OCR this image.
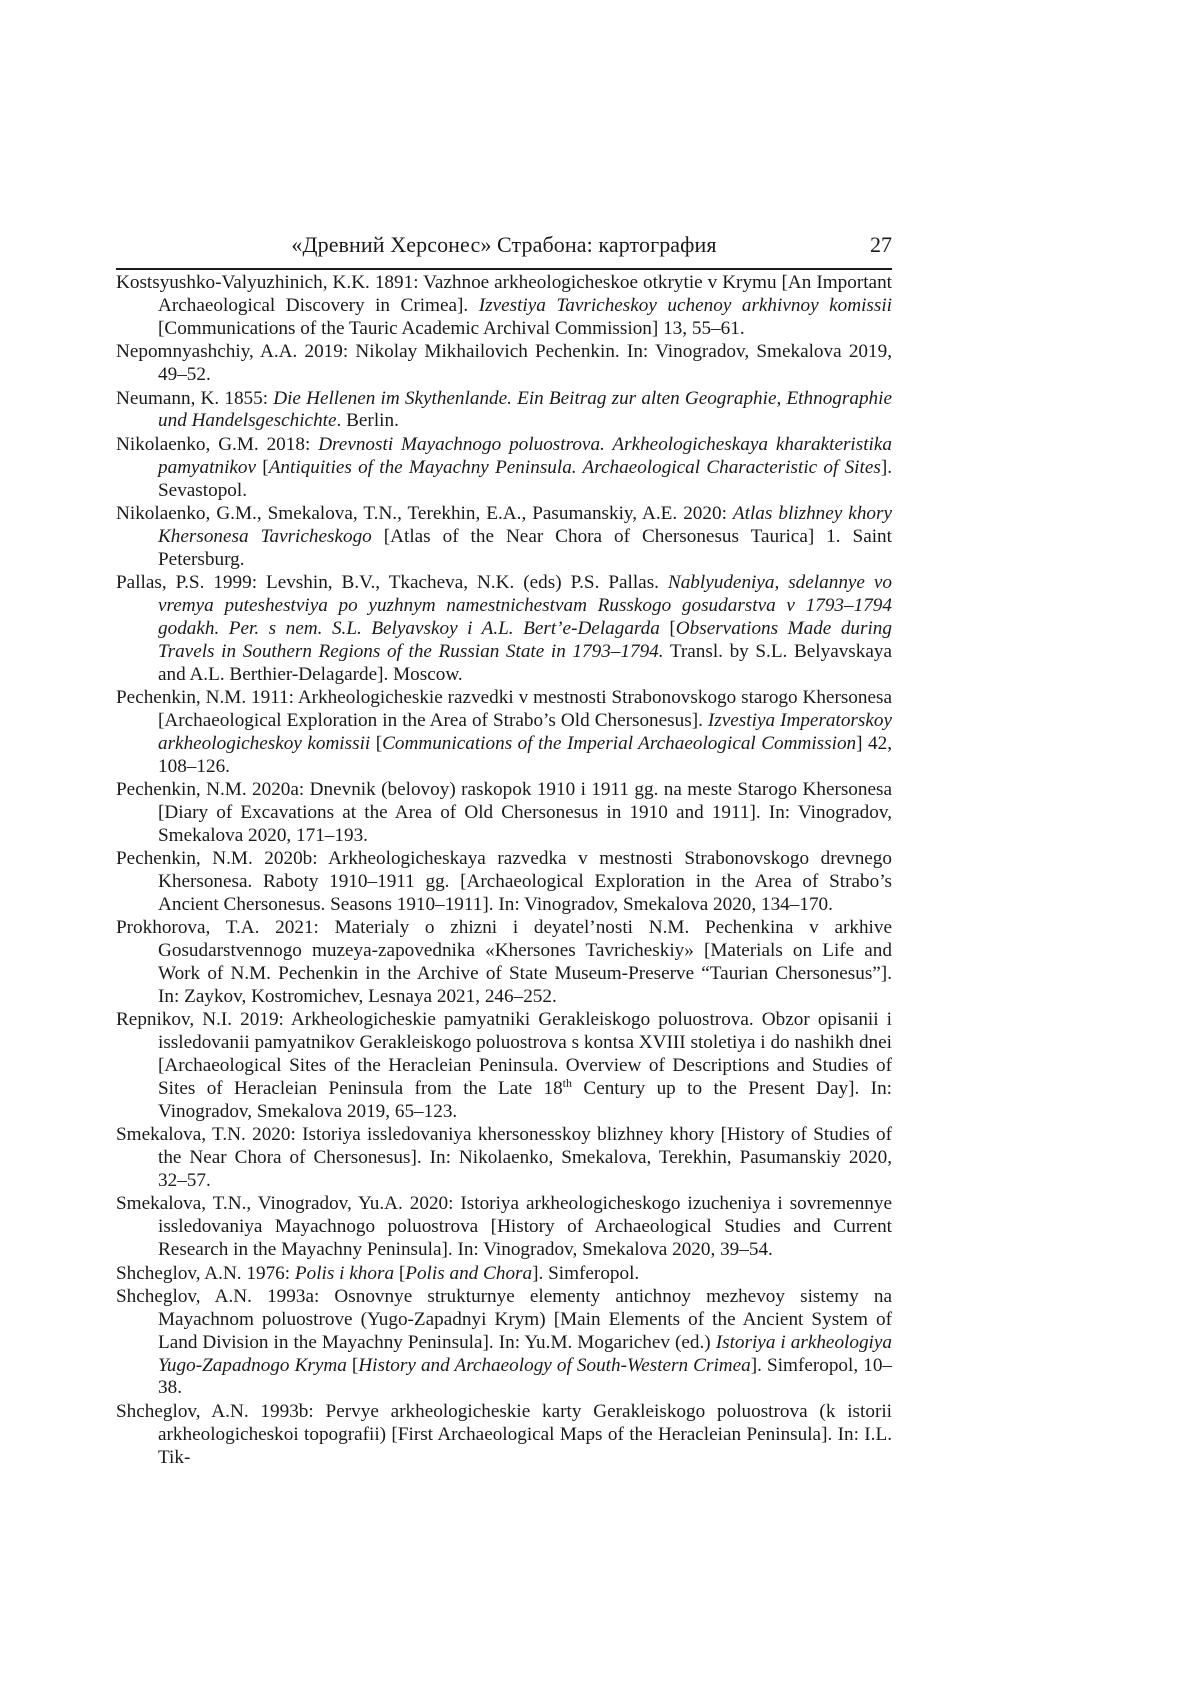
«Древний Херсонес» Страбона: картография	27

Kostsyushko-Valyuzhinich, K.K. 1891: Vazhnoe arkheologicheskoe otkrytie v Krymu [An Important Archaeological Discovery in Crimea]. Izvestiya Tavricheskoy uchenoy arkhivnoy komissii [Communications of the Tauric Academic Archival Commission] 13, 55–61.

Nepomnyashchiy, A.A. 2019: Nikolay Mikhailovich Pechenkin. In: Vinogradov, Smekalova 2019, 49–52.

Neumann, K. 1855: Die Hellenen im Skythenlande. Ein Beitrag zur alten Geographie, Ethnographie und Handelsgeschichte. Berlin.

Nikolaenko, G.M. 2018: Drevnosti Mayachnogo poluostrova. Arkheologicheskaya kharakteristika pamyatnikov [Antiquities of the Mayachny Peninsula. Archaeological Characteristic of Sites]. Sevastopol.

Nikolaenko, G.M., Smekalova, T.N., Terekhin, E.A., Pasumanskiy, A.E. 2020: Atlas blizhney khory Khersonesa Tavricheskogo [Atlas of the Near Chora of Chersonesus Taurica] 1. Saint Petersburg.

Pallas, P.S. 1999: Levshin, B.V., Tkacheva, N.K. (eds) P.S. Pallas. Nablyudeniya, sdelannye vo vremya puteshestviya po yuzhnym namestnichestvam Russkogo gosudarstva v 1793–1794 godakh. Per. s nem. S.L. Belyavskoy i A.L. Bert’e-Delagarda [Observations Made during Travels in Southern Regions of the Russian State in 1793–1794. Transl. by S.L. Belyavskaya and A.L. Berthier-Delagarde]. Moscow.

Pechenkin, N.M. 1911: Arkheologicheskie razvedki v mestnosti Strabonovskogo starogo Khersonesa [Archaeological Exploration in the Area of Strabo’s Old Chersonesus]. Izvestiya Imperatorskoy arkheologicheskoy komissii [Communications of the Imperial Archaeological Commission] 42, 108–126.

Pechenkin, N.M. 2020a: Dnevnik (belovoy) raskopok 1910 i 1911 gg. na meste Starogo Khersonesa [Diary of Excavations at the Area of Old Chersonesus in 1910 and 1911]. In: Vinogradov, Smekalova 2020, 171–193.

Pechenkin, N.M. 2020b: Arkheologicheskaya razvedka v mestnosti Strabonovskogo drevnego Khersonesa. Raboty 1910–1911 gg. [Archaeological Exploration in the Area of Strabo’s Ancient Chersonesus. Seasons 1910–1911]. In: Vinogradov, Smekalova 2020, 134–170.

Prokhorova, T.A. 2021: Materialy o zhizni i deyatel’nosti N.M. Pechenkina v arkhive Gosudarstvennogo muzeya-zapovednika «Khersones Tavricheskiy» [Materials on Life and Work of N.M. Pechenkin in the Archive of State Museum-Preserve “Taurian Chersonesus”]. In: Zaykov, Kostromichev, Lesnaya 2021, 246–252.

Repnikov, N.I. 2019: Arkheologicheskie pamyatniki Gerakleiskogo poluostrova. Obzor opisanii i issledovanii pamyatnikov Gerakleiskogo poluostrova s kontsa XVIII stoletiya i do nashikh dnei [Archaeological Sites of the Heracleian Peninsula. Overview of Descriptions and Studies of Sites of Heracleian Peninsula from the Late 18th Century up to the Present Day]. In: Vinogradov, Smekalova 2019, 65–123.

Smekalova, T.N. 2020: Istoriya issledovaniya khersonesskoy blizhney khory [History of Studies of the Near Chora of Chersonesus]. In: Nikolaenko, Smekalova, Terekhin, Pasumanskiy 2020, 32–57.

Smekalova, T.N., Vinogradov, Yu.A. 2020: Istoriya arkheologicheskogo izucheniya i sovremennye issledovaniya Mayachnogo poluostrova [History of Archaeological Studies and Current Research in the Mayachny Peninsula]. In: Vinogradov, Smekalova 2020, 39–54.

Shcheglov, A.N. 1976: Polis i khora [Polis and Chora]. Simferopol.

Shcheglov, A.N. 1993a: Osnovnye strukturnye elementy antichnoy mezhevoy sistemy na Mayachnom poluostrove (Yugo-Zapadnyi Krym) [Main Elements of the Ancient System of Land Division in the Mayachny Peninsula]. In: Yu.M. Mogarichev (ed.) Istoriya i arkheologiya Yugo-Zapadnogo Kryma [History and Archaeology of South-Western Crimea]. Simferopol, 10–38.

Shcheglov, A.N. 1993b: Pervye arkheologicheskie karty Gerakleiskogo poluostrova (k istorii arkheologicheskoi topografii) [First Archaeological Maps of the Heracleian Peninsula]. In: I.L. Tik-
